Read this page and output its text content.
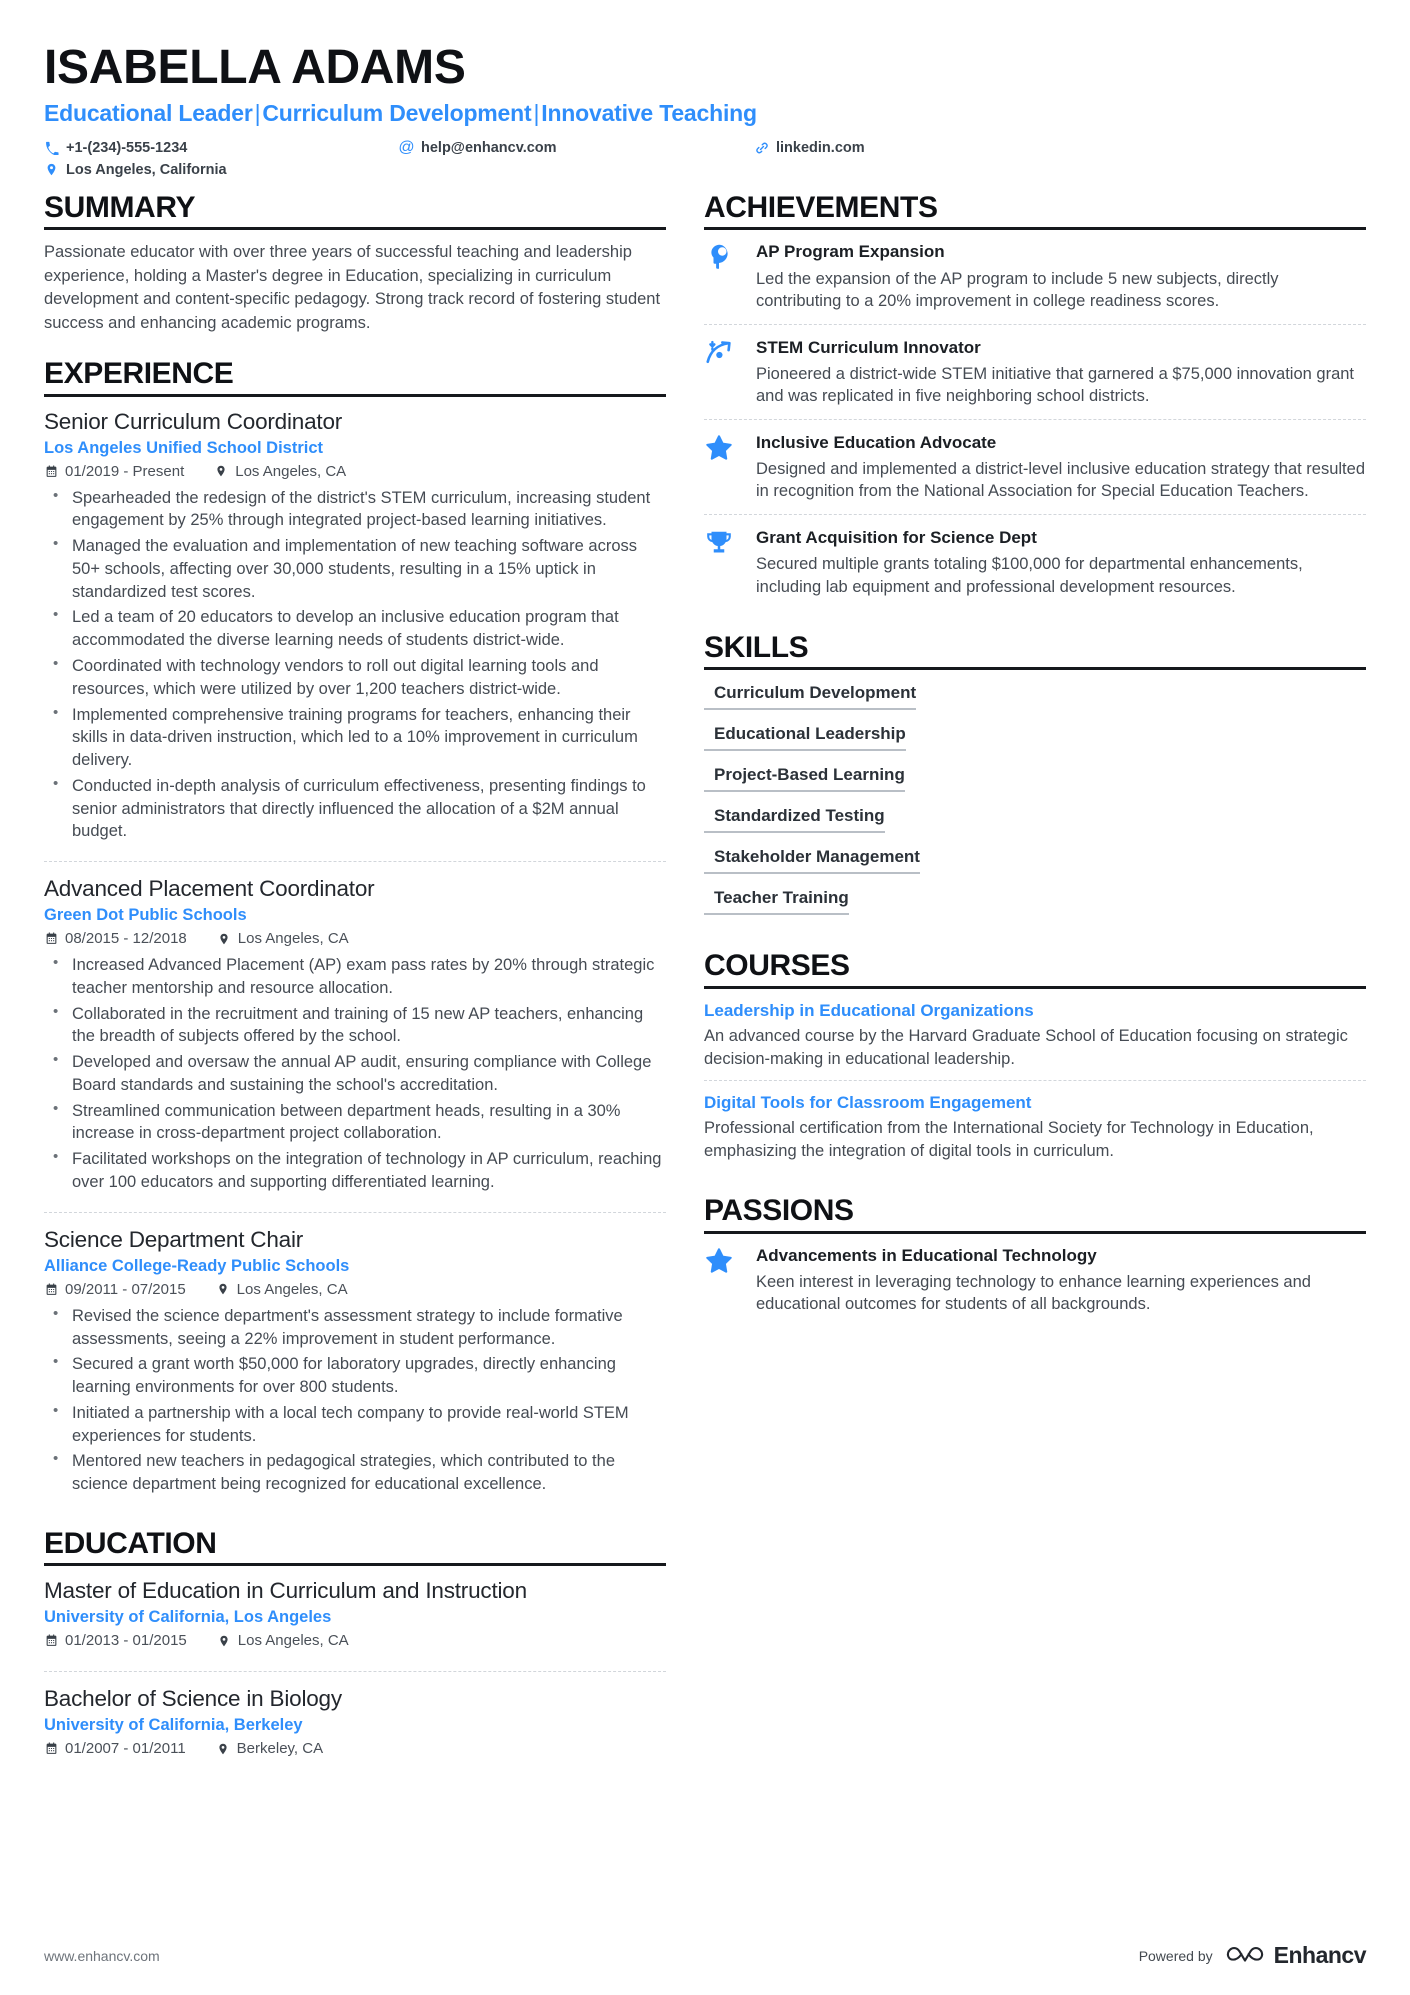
ISABELLA ADAMS
Educational Leader|Curriculum Development|Innovative Teaching
+1-(234)-555-1234	@ help@enhancv.com	linkedin.com
Los Angeles, California
SUMMARY
Passionate educator with over three years of successful teaching and leadership experience, holding a Master's degree in Education, specializing in curriculum development and content-specific pedagogy. Strong track record of fostering student success and enhancing academic programs.
EXPERIENCE
Senior Curriculum Coordinator
Los Angeles Unified School District
01/2019 - Present	Los Angeles, CA
• Spearheaded the redesign of the district's STEM curriculum, increasing student engagement by 25% through integrated project-based learning initiatives.
• Managed the evaluation and implementation of new teaching software across 50+ schools, affecting over 30,000 students, resulting in a 15% uptick in standardized test scores.
• Led a team of 20 educators to develop an inclusive education program that accommodated the diverse learning needs of students district-wide.
• Coordinated with technology vendors to roll out digital learning tools and resources, which were utilized by over 1,200 teachers district-wide.
• Implemented comprehensive training programs for teachers, enhancing their skills in data-driven instruction, which led to a 10% improvement in curriculum delivery.
• Conducted in-depth analysis of curriculum effectiveness, presenting findings to senior administrators that directly influenced the allocation of a $2M annual budget.
Advanced Placement Coordinator
Green Dot Public Schools
08/2015 - 12/2018	Los Angeles, CA
• Increased Advanced Placement (AP) exam pass rates by 20% through strategic teacher mentorship and resource allocation.
• Collaborated in the recruitment and training of 15 new AP teachers, enhancing the breadth of subjects offered by the school.
• Developed and oversaw the annual AP audit, ensuring compliance with College Board standards and sustaining the school's accreditation.
• Streamlined communication between department heads, resulting in a 30% increase in cross-department project collaboration.
• Facilitated workshops on the integration of technology in AP curriculum, reaching over 100 educators and supporting differentiated learning.
Science Department Chair
Alliance College-Ready Public Schools
09/2011 - 07/2015	Los Angeles, CA
• Revised the science department's assessment strategy to include formative assessments, seeing a 22% improvement in student performance.
• Secured a grant worth $50,000 for laboratory upgrades, directly enhancing learning environments for over 800 students.
• Initiated a partnership with a local tech company to provide real-world STEM experiences for students.
• Mentored new teachers in pedagogical strategies, which contributed to the science department being recognized for educational excellence.
EDUCATION
Master of Education in Curriculum and Instruction
University of California, Los Angeles
01/2013 - 01/2015	Los Angeles, CA
Bachelor of Science in Biology
University of California, Berkeley
01/2007 - 01/2011	Berkeley, CA
ACHIEVEMENTS
AP Program Expansion
Led the expansion of the AP program to include 5 new subjects, directly contributing to a 20% improvement in college readiness scores.
STEM Curriculum Innovator
Pioneered a district-wide STEM initiative that garnered a $75,000 innovation grant and was replicated in five neighboring school districts.
Inclusive Education Advocate
Designed and implemented a district-level inclusive education strategy that resulted in recognition from the National Association for Special Education Teachers.
Grant Acquisition for Science Dept
Secured multiple grants totaling $100,000 for departmental enhancements, including lab equipment and professional development resources.
SKILLS
Curriculum Development
Educational Leadership
Project-Based Learning
Standardized Testing
Stakeholder Management
Teacher Training
COURSES
Leadership in Educational Organizations
An advanced course by the Harvard Graduate School of Education focusing on strategic decision-making in educational leadership.
Digital Tools for Classroom Engagement
Professional certification from the International Society for Technology in Education, emphasizing the integration of digital tools in curriculum.
PASSIONS
Advancements in Educational Technology
Keen interest in leveraging technology to enhance learning experiences and educational outcomes for students of all backgrounds.
www.enhancv.com	Powered by	Enhancv
